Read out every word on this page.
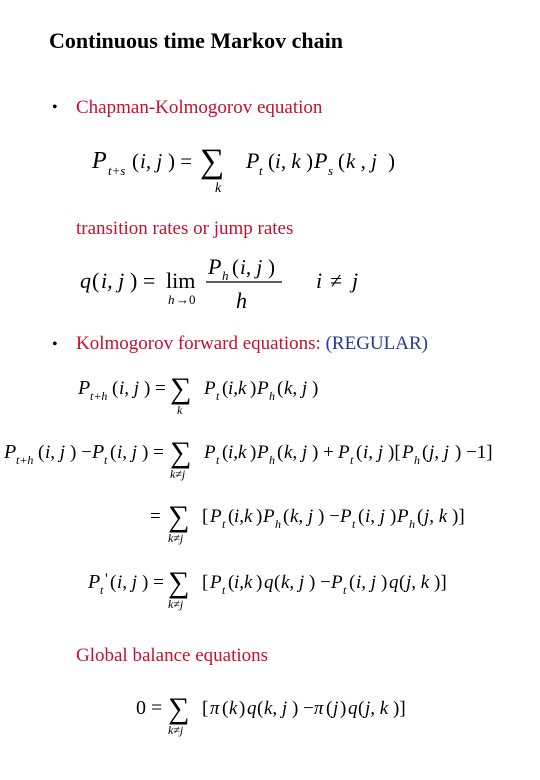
Continuous time Markov chain
• Chapman-Kolmogorov equation
P t+s ( i, j ) = ∑
k
P t ( i, k ) P s ( k , j )
transition rates or jump rates
q ( i, j ) = lim
h →0
P h ( i, j )
h
i ≠ j
• Kolmogorov forward equations: (REGULAR)
P t+h ( i, j ) = ∑
k
P t ( i,k ) P h ( k, j )
P t+h ( i, j ) − P t ( i, j ) = ∑
k≠j
P t ( i,k ) P h ( k, j ) + P t ( i, j )[ P h ( j, j ) −1]
= ∑
k≠j
[ P t ( i,k ) P h ( k, j ) − P t ( i, j ) P h ( j, k )]
P t
' ( i, j ) = ∑
k≠j
[ P t ( i,k ) q ( k, j ) − P t ( i, j ) q ( j, k )]
Global balance equations
0 = ∑
k≠j
[ π ( k ) q ( k, j ) − π ( j ) q ( j, k )]
